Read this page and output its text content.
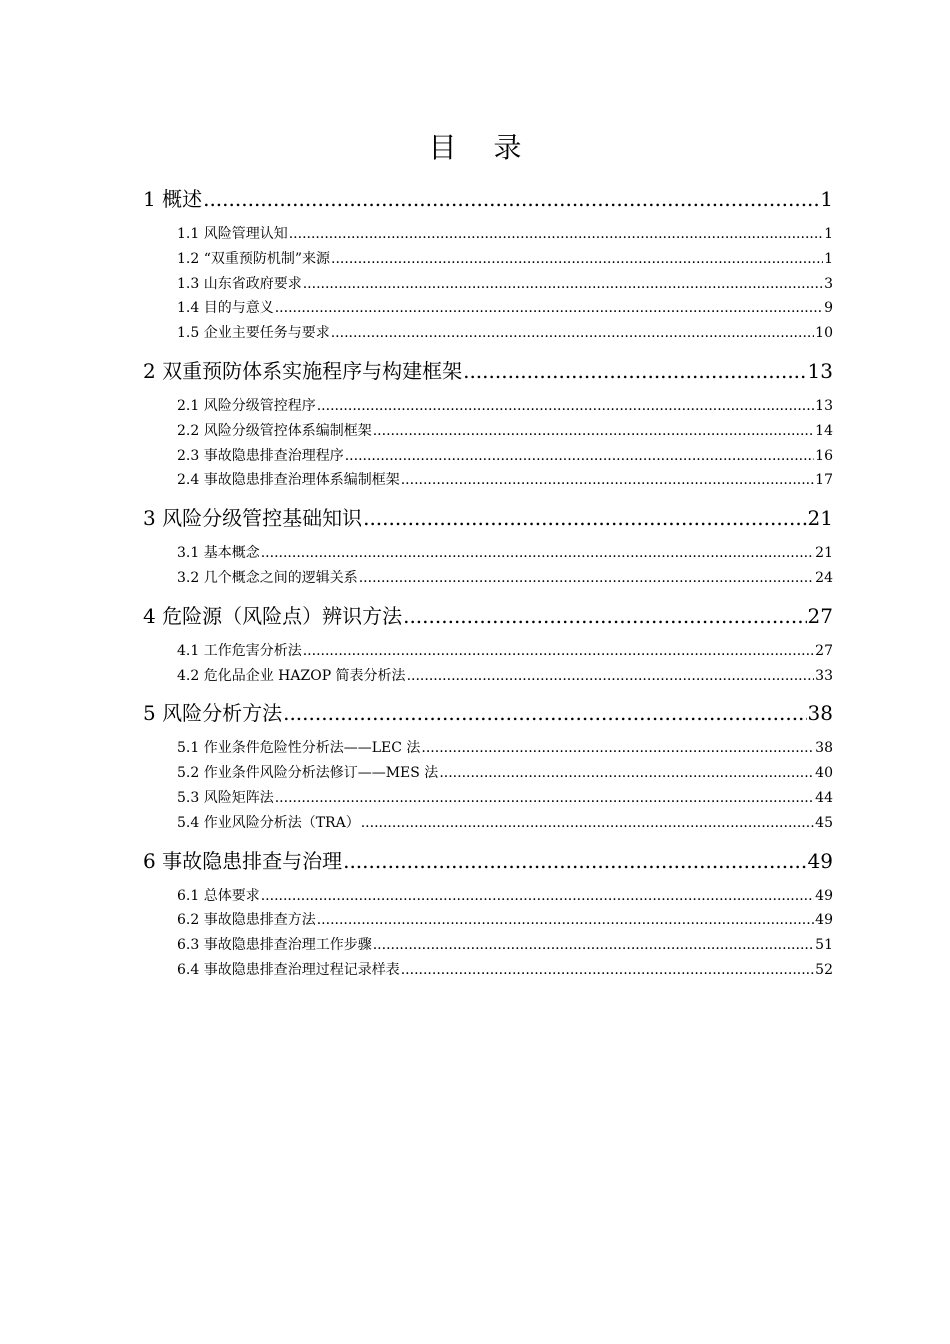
目 录
1 概述 .....	1
1.1 风险管理认知 .....	1
1.2 “双重预防机制”来源 .....	1
1.3 山东省政府要求 .....	3
1.4 目的与意义 .....	9
1.5 企业主要任务与要求 .....	10
2 双重预防体系实施程序与构建框架 .....	13
2.1 风险分级管控程序 .....	13
2.2 风险分级管控体系编制框架 .....	14
2.3 事故隐患排查治理程序 .....	16
2.4 事故隐患排查治理体系编制框架 .....	17
3 风险分级管控基础知识 .....	21
3.1 基本概念 .....	21
3.2 几个概念之间的逻辑关系 .....	24
4 危险源（风险点）辨识方法 .....	27
4.1 工作危害分析法 .....	27
4.2 危化品企业 HAZOP 简表分析法 .....	33
5 风险分析方法 .....	38
5.1 作业条件危险性分析法——LEC 法 .....	38
5.2 作业条件风险分析法修订——MES 法 .....	40
5.3 风险矩阵法 .....	44
5.4 作业风险分析法（TRA） .....	45
6 事故隐患排查与治理 .....	49
6.1 总体要求 .....	49
6.2 事故隐患排查方法 .....	49
6.3 事故隐患排查治理工作步骤 .....	51
6.4 事故隐患排查治理过程记录样表 .....	52
